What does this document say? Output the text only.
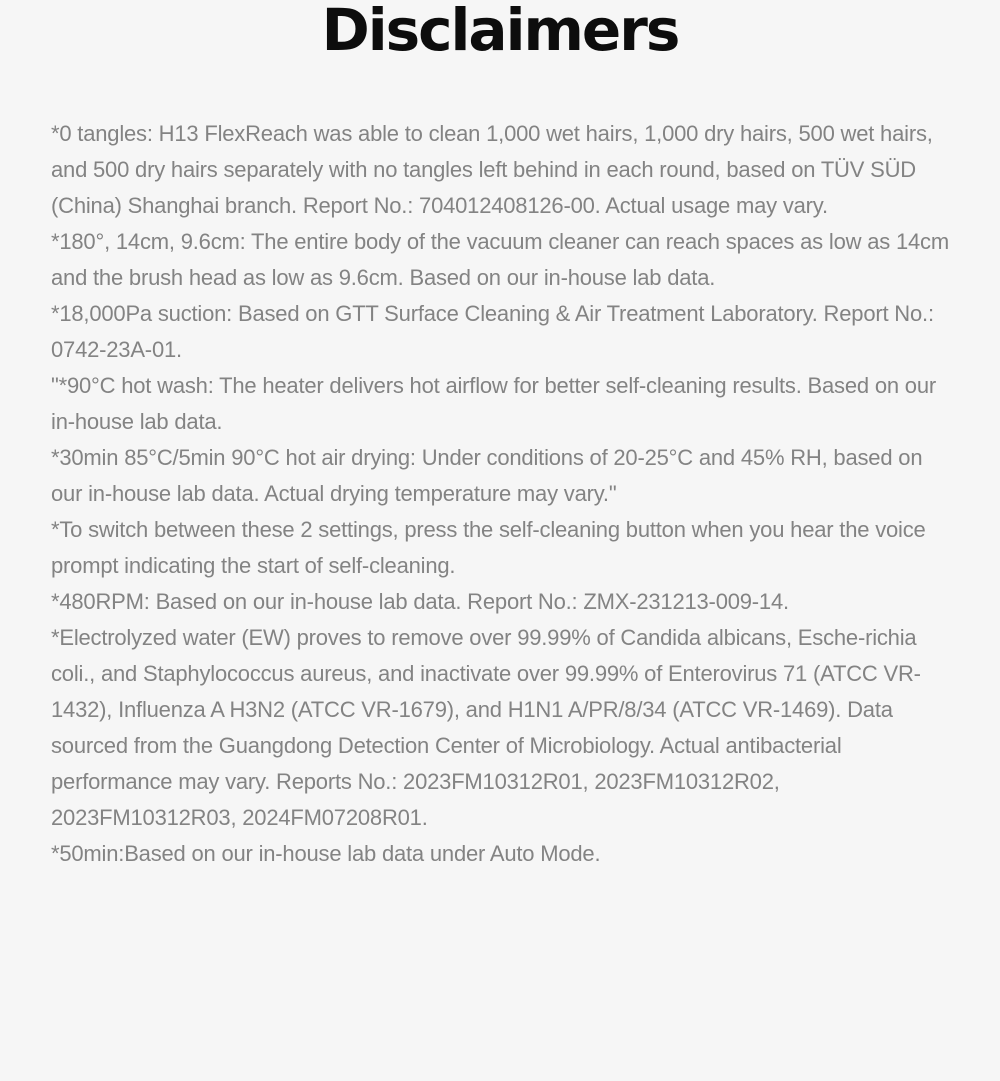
Disclaimers

*0 tangles: H13 FlexReach was able to clean 1,000 wet hairs, 1,000 dry hairs, 500 wet hairs, and 500 dry hairs separately with no tangles left behind in each round, based on TÜV SÜD (China) Shanghai branch. Report No.: 704012408126-00. Actual usage may vary.

*180°, 14cm, 9.6cm: The entire body of the vacuum cleaner can reach spaces as low as 14cm and the brush head as low as 9.6cm. Based on our in-house lab data.

*18,000Pa suction: Based on GTT Surface Cleaning & Air Treatment Laboratory. Report No.: 0742-23A-01.

"*90°C hot wash: The heater delivers hot airflow for better self-cleaning results. Based on our in-house lab data.

*30min 85°C/5min 90°C hot air drying: Under conditions of 20-25°C and 45% RH, based on our in-house lab data. Actual drying temperature may vary."

*To switch between these 2 settings, press the self-cleaning button when you hear the voice prompt indicating the start of self-cleaning.

*480RPM: Based on our in-house lab data. Report No.: ZMX-231213-009-14.

*Electrolyzed water (EW) proves to remove over 99.99% of Candida albicans, Esche-richia coli., and Staphylococcus aureus, and inactivate over 99.99% of Enterovirus 71 (ATCC VR-1432), Influenza A H3N2 (ATCC VR-1679), and H1N1 A/PR/8/34 (ATCC VR-1469). Data sourced from the Guangdong Detection Center of Microbiology. Actual antibacterial performance may vary. Reports No.: 2023FM10312R01, 2023FM10312R02, 2023FM10312R03, 2024FM07208R01.

*50min:Based on our in-house lab data under Auto Mode.
